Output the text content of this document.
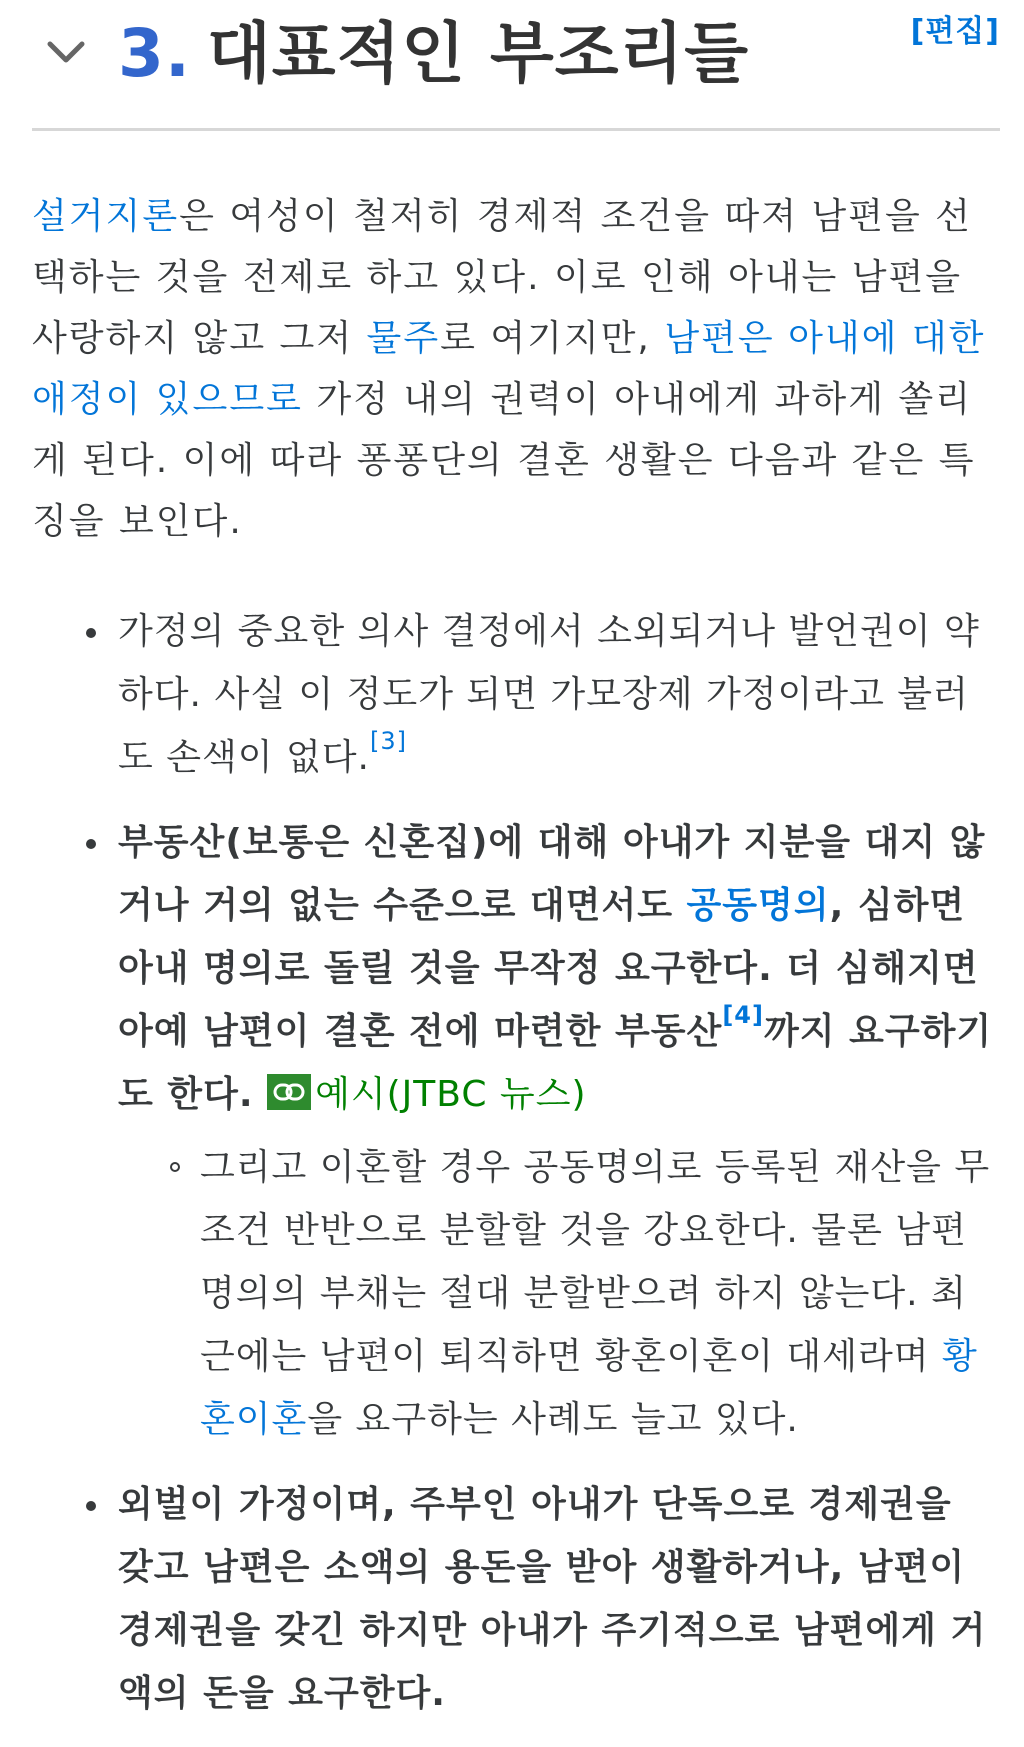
3. 대표적인 부조리들	[편집]

설거지론은 여성이 철저히 경제적 조건을 따져 남편을 선택하는 것을 전제로 하고 있다. 이로 인해 아내는 남편을 사랑하지 않고 그저 물주로 여기지만, 남편은 아내에 대한 애정이 있으므로 가정 내의 권력이 아내에게 과하게 쏠리게 된다. 이에 따라 퐁퐁단의 결혼 생활은 다음과 같은 특징을 보인다.

가정의 중요한 의사 결정에서 소외되거나 발언권이 약하다. 사실 이 정도가 되면 가모장제 가정이라고 불러도 손색이 없다.[3]
부동산(보통은 신혼집)에 대해 아내가 지분을 대지 않거나 거의 없는 수준으로 대면서도 공동명의, 심하면 아내 명의로 돌릴 것을 무작정 요구한다. 더 심해지면 아예 남편이 결혼 전에 마련한 부동산[4]까지 요구하기도 한다.
예시(JTBC 뉴스)
그리고 이혼할 경우 공동명의로 등록된 재산을 무조건 반반으로 분할할 것을 강요한다. 물론 남편 명의의 부채는 절대 분할받으려 하지 않는다. 최근에는 남편이 퇴직하면 황혼이혼이 대세라며 황혼이혼을 요구하는 사례도 늘고 있다.
외벌이 가정이며, 주부인 아내가 단독으로 경제권을 갖고 남편은 소액의 용돈을 받아 생활하거나, 남편이 경제권을 갖긴 하지만 아내가 주기적으로 남편에게 거액의 돈을 요구한다.
